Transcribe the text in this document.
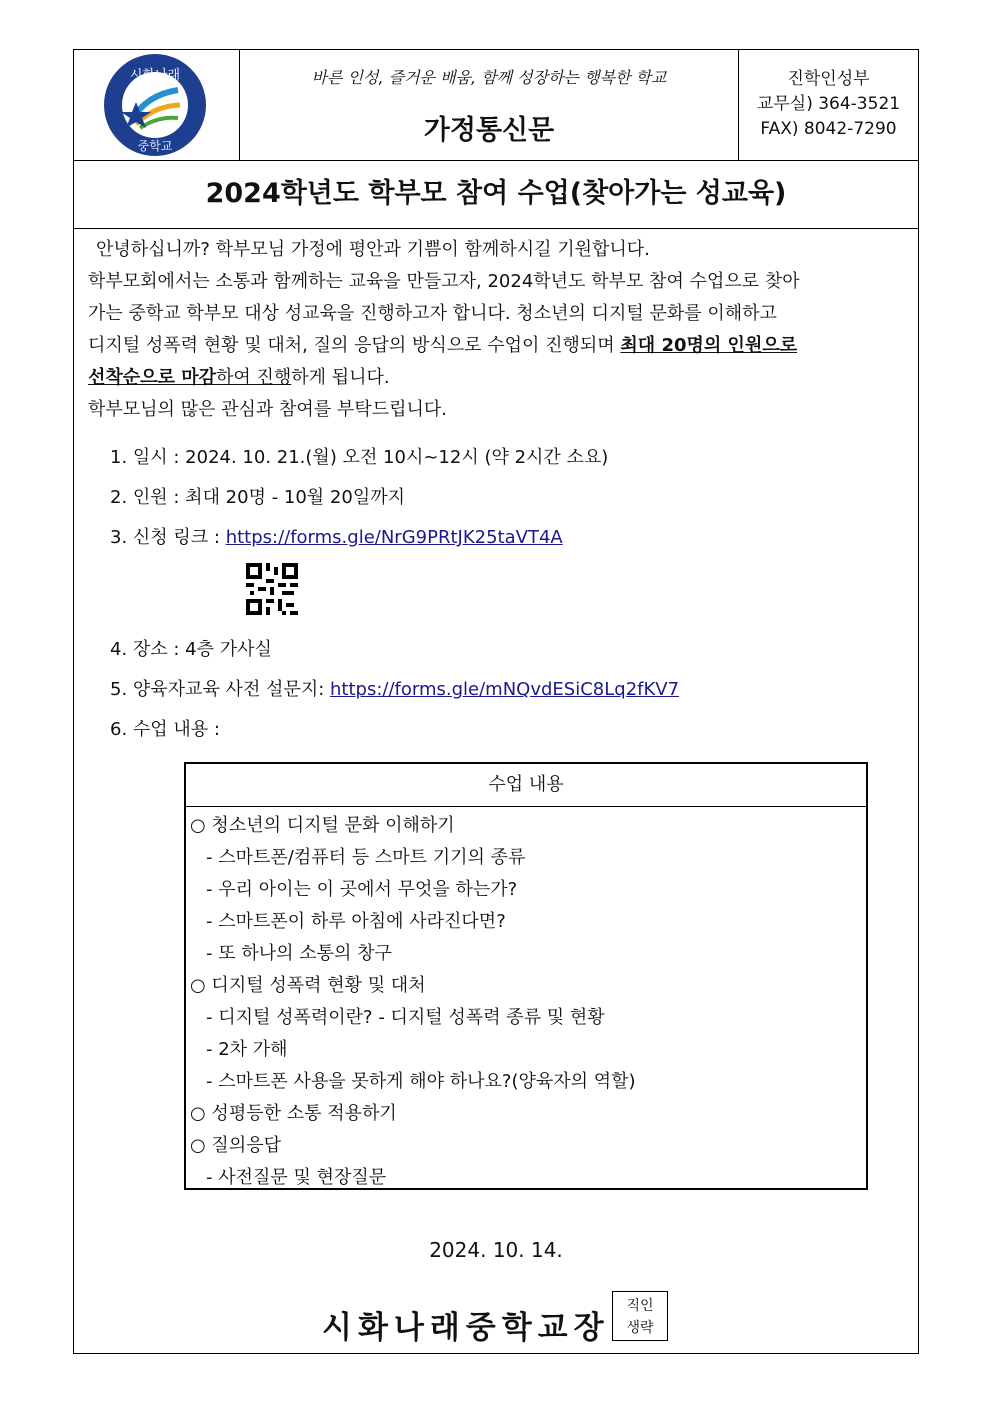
시화나래
중학교
바른 인성, 즐거운 배움, 함께 성장하는 행복한 학교
가정통신문
진학인성부
교무실) 364-3521
FAX) 8042-7290
2024학년도 학부모 참여 수업(찾아가는 성교육)
안녕하십니까? 학부모님 가정에 평안과 기쁨이 함께하시길 기원합니다.
학부모회에서는 소통과 함께하는 교육을 만들고자, 2024학년도 학부모 참여 수업으로 찾아
가는 중학교 학부모 대상 성교육을 진행하고자 합니다. 청소년의 디지털 문화를 이해하고
디지털 성폭력 현황 및 대처, 질의 응답의 방식으로 수업이 진행되며 최대 20명의 인원으로
선착순으로 마감하여 진행하게 됩니다.
학부모님의 많은 관심과 참여를 부탁드립니다.
1. 일시 : 2024. 10. 21.(월) 오전 10시~12시 (약 2시간 소요)
2. 인원 : 최대 20명 - 10월 20일까지
3. 신청 링크 : https://forms.gle/NrG9PRtJK25taVT4A
4. 장소 : 4층 가사실
5. 양육자교육 사전 설문지: https://forms.gle/mNQvdESiC8Lq2fKV7
6. 수업 내용 :
수업 내용
○ 청소년의 디지털 문화 이해하기
- 스마트폰/컴퓨터 등 스마트 기기의 종류
- 우리 아이는 이 곳에서 무엇을 하는가?
- 스마트폰이 하루 아침에 사라진다면?
- 또 하나의 소통의 창구
○ 디지털 성폭력 현황 및 대처
- 디지털 성폭력이란? - 디지털 성폭력 종류 및 현황
- 2차 가해
- 스마트폰 사용을 못하게 해야 하나요?(양육자의 역할)
○ 성평등한 소통 적용하기
○ 질의응답
- 사전질문 및 현장질문
2024. 10. 14.
시화나래중학교장
직인
생략
